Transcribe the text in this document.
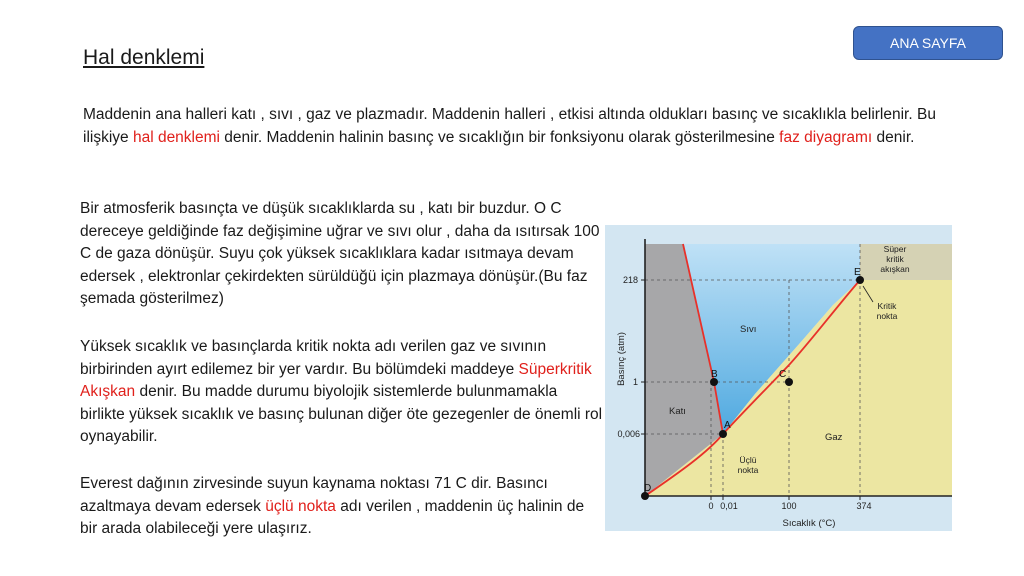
ANA SAYFA
Hal denklemi

Maddenin ana halleri katı , sıvı , gaz ve plazmadır. Maddenin halleri , etkisi altında oldukları basınç ve sıcaklıkla belirlenir. Bu ilişkiye hal denklemi denir. Maddenin halinin basınç ve sıcaklığın bir fonksiyonu olarak gösterilmesine faz diyagramı denir.

Bir atmosferik basınçta ve düşük sıcaklıklarda su , katı bir buzdur. O C dereceye geldiğinde faz değişimine uğrar ve sıvı olur , daha da ısıtırsak 100 C de gaza dönüşür. Suyu çok yüksek sıcaklıklara kadar ısıtmaya devam edersek , elektronlar çekirdekten sürüldüğü için plazmaya dönüşür.(Bu faz şemada gösterilmez)

Yüksek sıcaklık ve basınçlarda kritik nokta adı verilen gaz ve sıvının birbirinden ayırt edilemez bir yer vardır. Bu bölümdeki maddeye Süperkritik Akışkan denir. Bu madde durumu biyolojik sistemlerde bulunmamakla birlikte yüksek sıcaklık ve basınç bulunan diğer öte gezegenler de önemli rol oynayabilir.

Everest dağının zirvesinde suyun kaynama noktası 71 C dir. Basıncı azaltmaya devam edersek üçlü nokta adı verilen , maddenin üç halinin de bir arada olabileceği yere ulaşırız.

A
B	C
D
E
218
1
0,006
0 0,01	100	374
Sıcaklık (°C)
Basınç (atm)
Katı
Sıvı
Gaz
Süper kritik akışkan
Kritik nokta
Üçlü nokta
